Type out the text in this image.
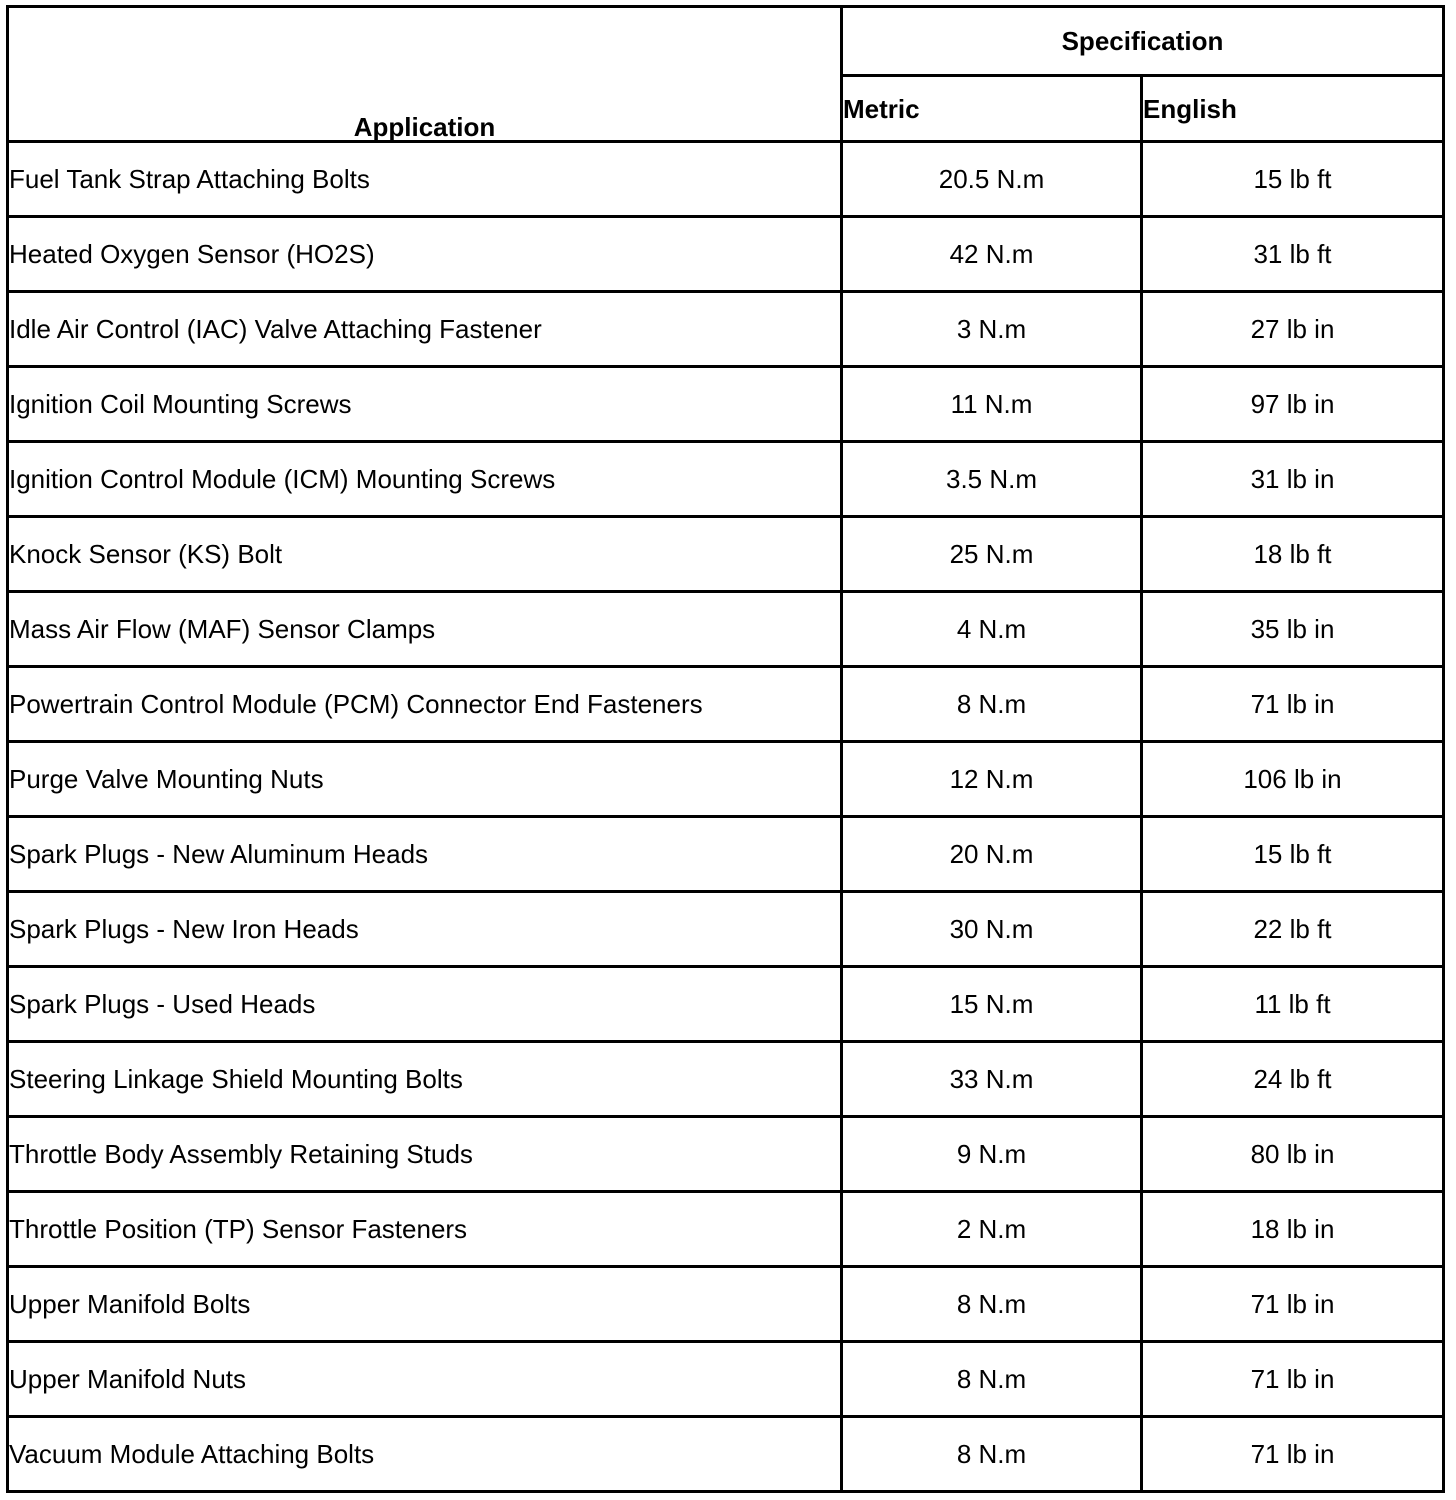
Application	Specification	
	Metric	English
Fuel Tank Strap Attaching Bolts	20.5 N.m	15 lb ft
Heated Oxygen Sensor (HO2S)	42 N.m	31 lb ft
Idle Air Control (IAC) Valve Attaching Fastener	3 N.m	27 lb in
Ignition Coil Mounting Screws	11 N.m	97 lb in
Ignition Control Module (ICM) Mounting Screws	3.5 N.m	31 lb in
Knock Sensor (KS) Bolt	25 N.m	18 lb ft
Mass Air Flow (MAF) Sensor Clamps	4 N.m	35 lb in
Powertrain Control Module (PCM) Connector End Fasteners	8 N.m	71 lb in
Purge Valve Mounting Nuts	12 N.m	106 lb in
Spark Plugs - New Aluminum Heads	20 N.m	15 lb ft
Spark Plugs - New Iron Heads	30 N.m	22 lb ft
Spark Plugs - Used Heads	15 N.m	11 lb ft
Steering Linkage Shield Mounting Bolts	33 N.m	24 lb ft
Throttle Body Assembly Retaining Studs	9 N.m	80 lb in
Throttle Position (TP) Sensor Fasteners	2 N.m	18 lb in
Upper Manifold Bolts	8 N.m	71 lb in
Upper Manifold Nuts	8 N.m	71 lb in
Vacuum Module Attaching Bolts	8 N.m	71 lb in
